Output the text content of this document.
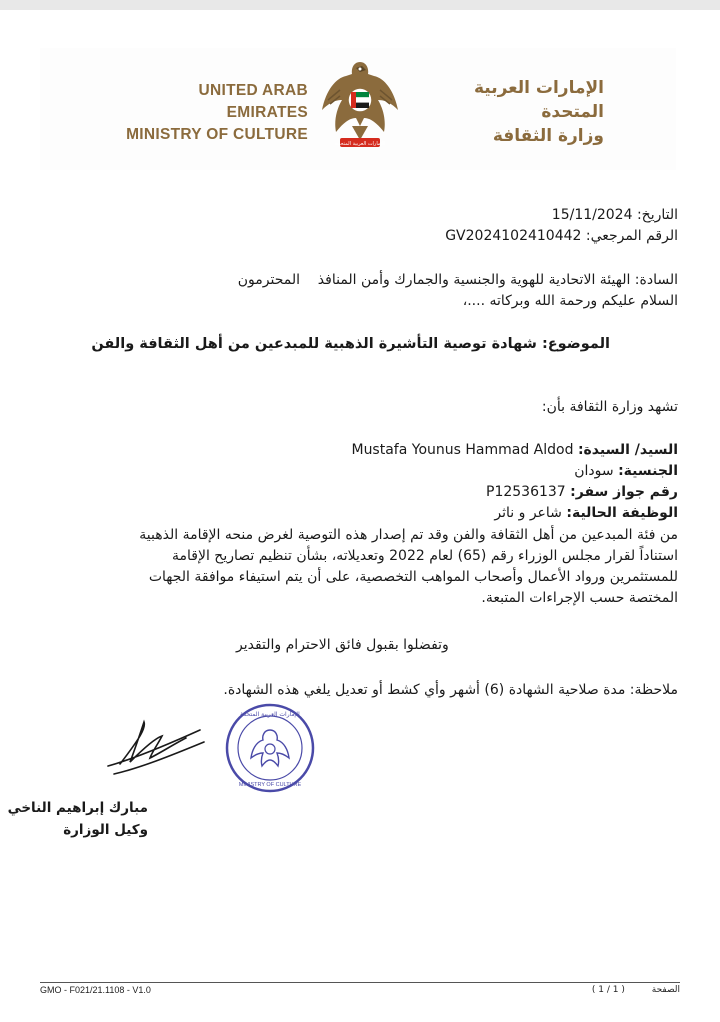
UNITED ARAB EMIRATES
MINISTRY OF CULTURE
الإمارات العربية المتحدة
وزارة الثقافة
الإمارات العربية المتحدة
التاريخ: 15/11/2024
الرقم المرجعي: GV2024102410442
السادة: الهيئة الاتحادية للهوية والجنسية والجمارك وأمن المنافذ    المحترمون
السلام عليكم ورحمة الله وبركاته ....،
الموضوع: شهادة توصية التأشيرة الذهبية للمبدعين من أهل الثقافة والفن
تشهد وزارة الثقافة بأن:
السيد/ السيدة: Mustafa Younus Hammad Aldod
الجنسية: سودان
رقم جواز سفر: P12536137
الوظيفة الحالية: شاعر و ناثر
من فئة المبدعين من أهل الثقافة والفن وقد تم إصدار هذه التوصية لغرض منحه الإقامة الذهبية
استناداً لقرار مجلس الوزراء رقم (65) لعام 2022 وتعديلاته، بشأن تنظيم تصاريح الإقامة
للمستثمرين ورواد الأعمال وأصحاب المواهب التخصصية، على أن يتم استيفاء موافقة الجهات
المختصة حسب الإجراءات المتبعة.
وتفضلوا بقبول فائق الاحترام والتقدير
ملاحظة: مدة صلاحية الشهادة (6) أشهر وأي كشط أو تعديل يلغي هذه الشهادة.
الإمارات العربية المتحدة
MINISTRY OF CULTURE
مبارك إبراهيم الناخي
وكيل الوزارة
GMO - F021/21.1108 - V1.0	الصفحة ( 1 / 1 )
